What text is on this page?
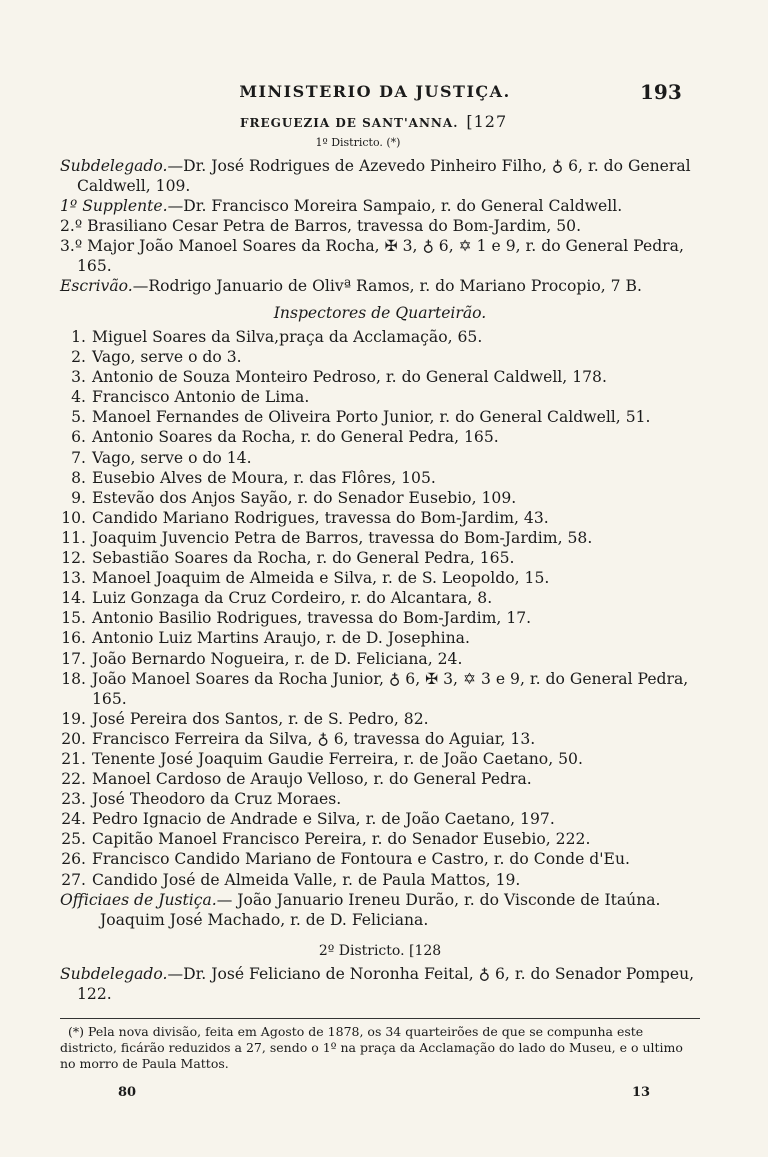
MINISTERIO DA JUSTIÇA.	193
FREGUEZIA DE SANT'ANNA. [127
1º Districto. (*)

Subdelegado.—Dr. José Rodrigues de Azevedo Pinheiro Filho, ♁ 6, r. do General Caldwell, 109.

1º Supplente.—Dr. Francisco Moreira Sampaio, r. do General Caldwell.

2.º Brasiliano Cesar Petra de Barros, travessa do Bom-Jardim, 50.

3.º Major João Manoel Soares da Rocha, ✠ 3, ♁ 6, ✡ 1 e 9, r. do General Pedra, 165.

Escrivão.—Rodrigo Januario de Olivª Ramos, r. do Mariano Procopio, 7 B.

Inspectores de Quarteirão.

1. Miguel Soares da Silva,praça da Acclamação, 65.
2. Vago, serve o do 3.
3. Antonio de Souza Monteiro Pedroso, r. do General Caldwell, 178.
4. Francisco Antonio de Lima.
5. Manoel Fernandes de Oliveira Porto Junior, r. do General Caldwell, 51.
6. Antonio Soares da Rocha, r. do General Pedra, 165.
7. Vago, serve o do 14.
8. Eusebio Alves de Moura, r. das Flôres, 105.
9. Estevão dos Anjos Sayão, r. do Senador Eusebio, 109.
10. Candido Mariano Rodrigues, travessa do Bom-Jardim, 43.
11. Joaquim Juvencio Petra de Barros, travessa do Bom-Jardim, 58.
12. Sebastião Soares da Rocha, r. do General Pedra, 165.
13. Manoel Joaquim de Almeida e Silva, r. de S. Leopoldo, 15.
14. Luiz Gonzaga da Cruz Cordeiro, r. do Alcantara, 8.
15. Antonio Basilio Rodrigues, travessa do Bom-Jardim, 17.
16. Antonio Luiz Martins Araujo, r. de D. Josephina.
17. João Bernardo Nogueira, r. de D. Feliciana, 24.
18. João Manoel Soares da Rocha Junior, ♁ 6, ✠ 3, ✡ 3 e 9, r. do General Pedra, 165.
19. José Pereira dos Santos, r. de S. Pedro, 82.
20. Francisco Ferreira da Silva, ♁ 6, travessa do Aguiar, 13.
21. Tenente José Joaquim Gaudie Ferreira, r. de João Caetano, 50.
22. Manoel Cardoso de Araujo Velloso, r. do General Pedra.
23. José Theodoro da Cruz Moraes.
24. Pedro Ignacio de Andrade e Silva, r. de João Caetano, 197.
25. Capitão Manoel Francisco Pereira, r. do Senador Eusebio, 222.
26. Francisco Candido Mariano de Fontoura e Castro, r. do Conde d'Eu.
27. Candido José de Almeida Valle, r. de Paula Mattos, 19.

Officiaes de Justiça.— João Januario Ireneu Durão, r. do Visconde de Itaúna.

Joaquim José Machado, r. de D. Feliciana.

2º Districto. [128

Subdelegado.—Dr. José Feliciano de Noronha Feital, ♁ 6, r. do Senador Pompeu, 122.

(*) Pela nova divisão, feita em Agosto de 1878, os 34 quarteirões de que se compunha este districto, ficárão reduzidos a 27, sendo o 1º na praça da Acclamação do lado do Museu, e o ultimo no morro de Paula Mattos.

80	13
